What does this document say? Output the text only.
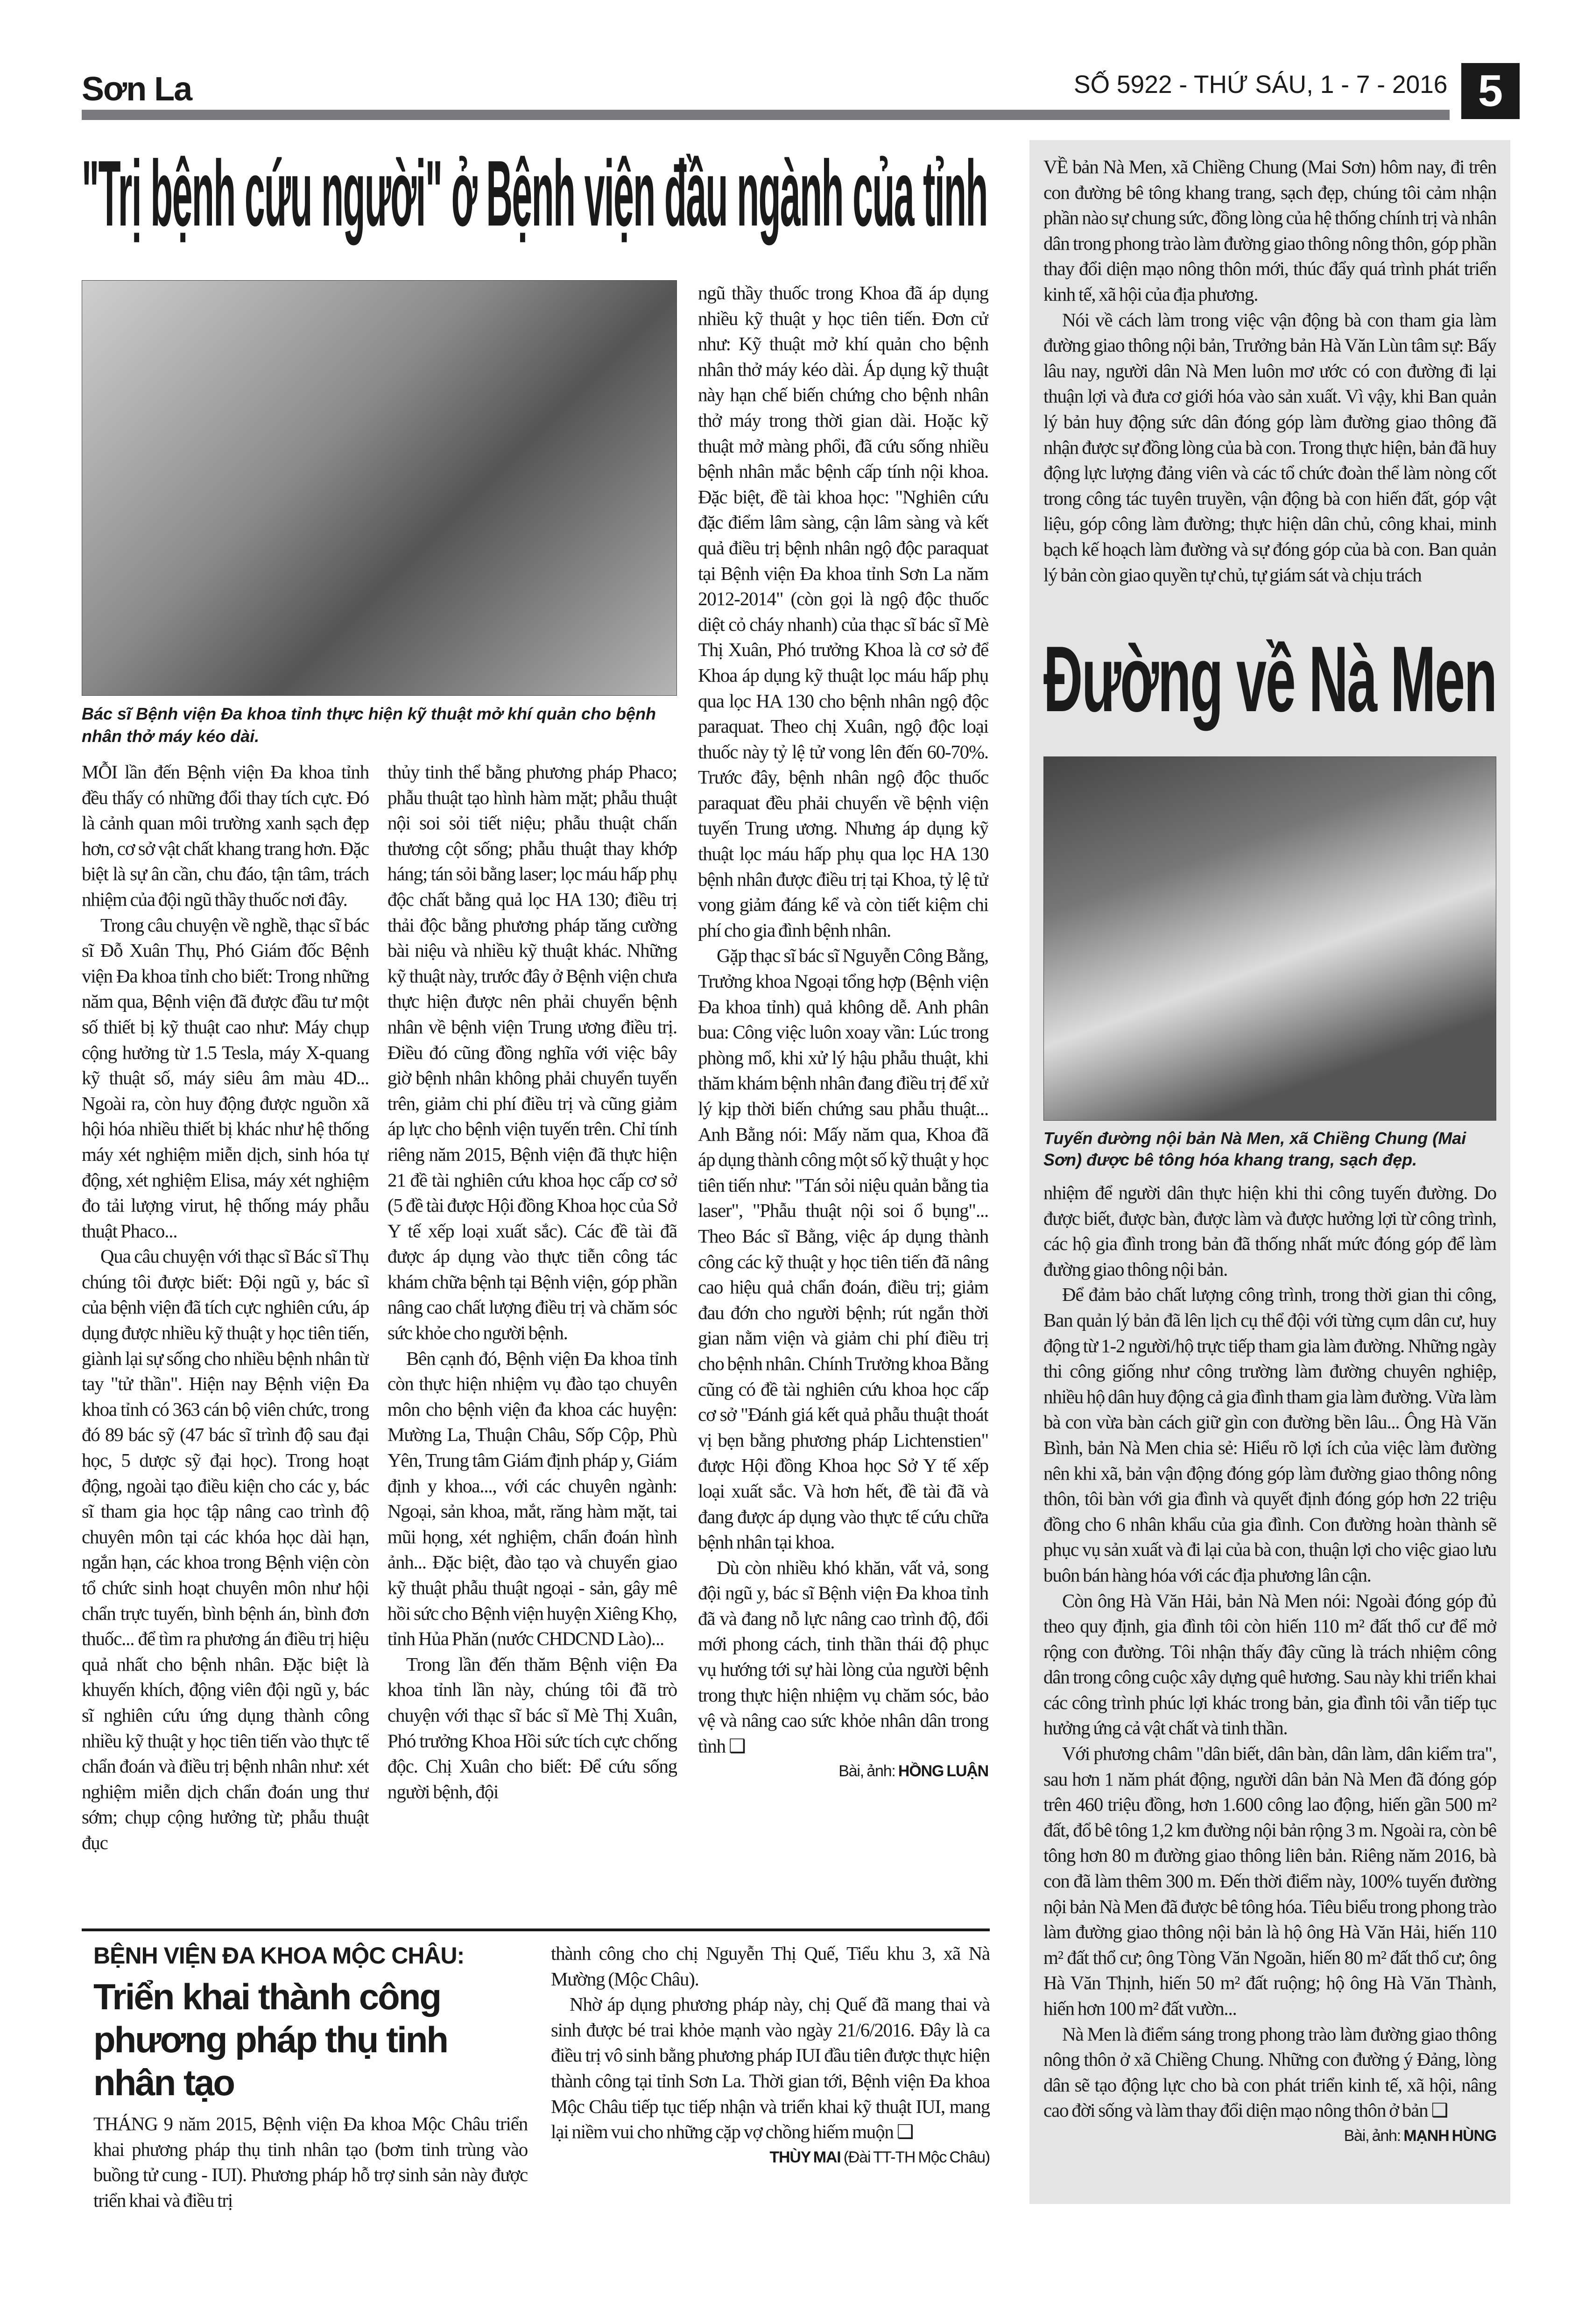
Sơn La	SỐ 5922 - THỨ SÁU, 1 - 7 - 2016 5
"Trị bệnh cứu người" ở Bệnh viện đầu ngành của tỉnh
Bác sĩ Bệnh viện Đa khoa tỉnh thực hiện kỹ thuật mở khí quản cho bệnh nhân thở máy kéo dài.

MỖI lần đến Bệnh viện Đa khoa tỉnh đều thấy có những đổi thay tích cực. Đó là cảnh quan môi trường xanh sạch đẹp hơn, cơ sở vật chất khang trang hơn. Đặc biệt là sự ân cần, chu đáo, tận tâm, trách nhiệm của đội ngũ thầy thuốc nơi đây.

Trong câu chuyện về nghề, thạc sĩ bác sĩ Đỗ Xuân Thụ, Phó Giám đốc Bệnh viện Đa khoa tỉnh cho biết: Trong những năm qua, Bệnh viện đã được đầu tư một số thiết bị kỹ thuật cao như: Máy chụp cộng hưởng từ 1.5 Tesla, máy X-quang kỹ thuật số, máy siêu âm màu 4D... Ngoài ra, còn huy động được nguồn xã hội hóa nhiều thiết bị khác như hệ thống máy xét nghiệm miễn dịch, sinh hóa tự động, xét nghiệm Elisa, máy xét nghiệm đo tải lượng virut, hệ thống máy phẫu thuật Phaco...

Qua câu chuyện với thạc sĩ Bác sĩ Thụ chúng tôi được biết: Đội ngũ y, bác sĩ của bệnh viện đã tích cực nghiên cứu, áp dụng được nhiều kỹ thuật y học tiên tiến, giành lại sự sống cho nhiều bệnh nhân từ tay "tử thần". Hiện nay Bệnh viện Đa khoa tỉnh có 363 cán bộ viên chức, trong đó 89 bác sỹ (47 bác sĩ trình độ sau đại học, 5 dược sỹ đại học). Trong hoạt động, ngoài tạo điều kiện cho các y, bác sĩ tham gia học tập nâng cao trình độ chuyên môn tại các khóa học dài hạn, ngắn hạn, các khoa trong Bệnh viện còn tổ chức sinh hoạt chuyên môn như hội chẩn trực tuyến, bình bệnh án, bình đơn thuốc... để tìm ra phương án điều trị hiệu quả nhất cho bệnh nhân. Đặc biệt là khuyến khích, động viên đội ngũ y, bác sĩ nghiên cứu ứng dụng thành công nhiều kỹ thuật y học tiên tiến vào thực tế chẩn đoán và điều trị bệnh nhân như: xét nghiệm miễn dịch chẩn đoán ung thư sớm; chụp cộng hưởng từ; phẫu thuật đục

thủy tinh thể bằng phương pháp Phaco; phẫu thuật tạo hình hàm mặt; phẫu thuật nội soi sỏi tiết niệu; phẫu thuật chấn thương cột sống; phẫu thuật thay khớp háng; tán sỏi bằng laser; lọc máu hấp phụ độc chất bằng quả lọc HA 130; điều trị thải độc bằng phương pháp tăng cường bài niệu và nhiều kỹ thuật khác. Những kỹ thuật này, trước đây ở Bệnh viện chưa thực hiện được nên phải chuyển bệnh nhân về bệnh viện Trung ương điều trị. Điều đó cũng đồng nghĩa với việc bây giờ bệnh nhân không phải chuyển tuyến trên, giảm chi phí điều trị và cũng giảm áp lực cho bệnh viện tuyến trên. Chỉ tính riêng năm 2015, Bệnh viện đã thực hiện 21 đề tài nghiên cứu khoa học cấp cơ sở (5 đề tài được Hội đồng Khoa học của Sở Y tế xếp loại xuất sắc). Các đề tài đã được áp dụng vào thực tiễn công tác khám chữa bệnh tại Bệnh viện, góp phần nâng cao chất lượng điều trị và chăm sóc sức khỏe cho người bệnh.

Bên cạnh đó, Bệnh viện Đa khoa tỉnh còn thực hiện nhiệm vụ đào tạo chuyên môn cho bệnh viện đa khoa các huyện: Mường La, Thuận Châu, Sốp Cộp, Phù Yên, Trung tâm Giám định pháp y, Giám định y khoa..., với các chuyên ngành: Ngoại, sản khoa, mắt, răng hàm mặt, tai mũi họng, xét nghiệm, chẩn đoán hình ảnh... Đặc biệt, đào tạo và chuyển giao kỹ thuật phẫu thuật ngoại - sản, gây mê hồi sức cho Bệnh viện huyện Xiêng Khọ, tỉnh Hủa Phăn (nước CHDCND Lào)...

Trong lần đến thăm Bệnh viện Đa khoa tỉnh lần này, chúng tôi đã trò chuyện với thạc sĩ bác sĩ Mè Thị Xuân, Phó trưởng Khoa Hồi sức tích cực chống độc. Chị Xuân cho biết: Để cứu sống người bệnh, đội

ngũ thầy thuốc trong Khoa đã áp dụng nhiều kỹ thuật y học tiên tiến. Đơn cử như: Kỹ thuật mở khí quản cho bệnh nhân thở máy kéo dài. Áp dụng kỹ thuật này hạn chế biến chứng cho bệnh nhân thở máy trong thời gian dài. Hoặc kỹ thuật mở màng phổi, đã cứu sống nhiều bệnh nhân mắc bệnh cấp tính nội khoa. Đặc biệt, đề tài khoa học: "Nghiên cứu đặc điểm lâm sàng, cận lâm sàng và kết quả điều trị bệnh nhân ngộ độc paraquat tại Bệnh viện Đa khoa tỉnh Sơn La năm 2012-2014" (còn gọi là ngộ độc thuốc diệt cỏ cháy nhanh) của thạc sĩ bác sĩ Mè Thị Xuân, Phó trưởng Khoa là cơ sở để Khoa áp dụng kỹ thuật lọc máu hấp phụ qua lọc HA 130 cho bệnh nhân ngộ độc paraquat. Theo chị Xuân, ngộ độc loại thuốc này tỷ lệ tử vong lên đến 60-70%. Trước đây, bệnh nhân ngộ độc thuốc paraquat đều phải chuyển về bệnh viện tuyến Trung ương. Nhưng áp dụng kỹ thuật lọc máu hấp phụ qua lọc HA 130 bệnh nhân được điều trị tại Khoa, tỷ lệ tử vong giảm đáng kể và còn tiết kiệm chi phí cho gia đình bệnh nhân.

Gặp thạc sĩ bác sĩ Nguyễn Công Bằng, Trưởng khoa Ngoại tổng hợp (Bệnh viện Đa khoa tỉnh) quả không dễ. Anh phân bua: Công việc luôn xoay vần: Lúc trong phòng mổ, khi xử lý hậu phẫu thuật, khi thăm khám bệnh nhân đang điều trị để xử lý kịp thời biến chứng sau phẫu thuật... Anh Bằng nói: Mấy năm qua, Khoa đã áp dụng thành công một số kỹ thuật y học tiên tiến như: "Tán sỏi niệu quản bằng tia laser", "Phẫu thuật nội soi ổ bụng"... Theo Bác sĩ Bằng, việc áp dụng thành công các kỹ thuật y học tiên tiến đã nâng cao hiệu quả chẩn đoán, điều trị; giảm đau đớn cho người bệnh; rút ngắn thời gian nằm viện và giảm chi phí điều trị cho bệnh nhân. Chính Trưởng khoa Bằng cũng có đề tài nghiên cứu khoa học cấp cơ sở "Đánh giá kết quả phẫu thuật thoát vị bẹn bằng phương pháp Lichtenstien" được Hội đồng Khoa học Sở Y tế xếp loại xuất sắc. Và hơn hết, đề tài đã và đang được áp dụng vào thực tế cứu chữa bệnh nhân tại khoa.

Dù còn nhiều khó khăn, vất vả, song đội ngũ y, bác sĩ Bệnh viện Đa khoa tỉnh đã và đang nỗ lực nâng cao trình độ, đổi mới phong cách, tinh thần thái độ phục vụ hướng tới sự hài lòng của người bệnh trong thực hiện nhiệm vụ chăm sóc, bảo vệ và nâng cao sức khỏe nhân dân trong tình ❑

Bài, ảnh: HỒNG LUẬN

VỀ bản Nà Men, xã Chiềng Chung (Mai Sơn) hôm nay, đi trên con đường bê tông khang trang, sạch đẹp, chúng tôi cảm nhận phần nào sự chung sức, đồng lòng của hệ thống chính trị và nhân dân trong phong trào làm đường giao thông nông thôn, góp phần thay đổi diện mạo nông thôn mới, thúc đẩy quá trình phát triển kinh tế, xã hội của địa phương.

Nói về cách làm trong việc vận động bà con tham gia làm đường giao thông nội bản, Trưởng bản Hà Văn Lùn tâm sự: Bấy lâu nay, người dân Nà Men luôn mơ ước có con đường đi lại thuận lợi và đưa cơ giới hóa vào sản xuất. Vì vậy, khi Ban quản lý bản huy động sức dân đóng góp làm đường giao thông đã nhận được sự đồng lòng của bà con. Trong thực hiện, bản đã huy động lực lượng đảng viên và các tổ chức đoàn thể làm nòng cốt trong công tác tuyên truyền, vận động bà con hiến đất, góp vật liệu, góp công làm đường; thực hiện dân chủ, công khai, minh bạch kế hoạch làm đường và sự đóng góp của bà con. Ban quản lý bản còn giao quyền tự chủ, tự giám sát và chịu trách

Đường về Nà Men
Tuyến đường nội bản Nà Men, xã Chiềng Chung (Mai Sơn) được bê tông hóa khang trang, sạch đẹp.

nhiệm để người dân thực hiện khi thi công tuyến đường. Do được biết, được bàn, được làm và được hưởng lợi từ công trình, các hộ gia đình trong bản đã thống nhất mức đóng góp để làm đường giao thông nội bản.

Để đảm bảo chất lượng công trình, trong thời gian thi công, Ban quản lý bản đã lên lịch cụ thể đội với từng cụm dân cư, huy động từ 1-2 người/hộ trực tiếp tham gia làm đường. Những ngày thi công giống như công trường làm đường chuyên nghiệp, nhiều hộ dân huy động cả gia đình tham gia làm đường. Vừa làm bà con vừa bàn cách giữ gìn con đường bền lâu... Ông Hà Văn Bình, bản Nà Men chia sẻ: Hiểu rõ lợi ích của việc làm đường nên khi xã, bản vận động đóng góp làm đường giao thông nông thôn, tôi bàn với gia đình và quyết định đóng góp hơn 22 triệu đồng cho 6 nhân khẩu của gia đình. Con đường hoàn thành sẽ phục vụ sản xuất và đi lại của bà con, thuận lợi cho việc giao lưu buôn bán hàng hóa với các địa phương lân cận.

Còn ông Hà Văn Hải, bản Nà Men nói: Ngoài đóng góp đủ theo quy định, gia đình tôi còn hiến 110 m² đất thổ cư để mở rộng con đường. Tôi nhận thấy đây cũng là trách nhiệm công dân trong công cuộc xây dựng quê hương. Sau này khi triển khai các công trình phúc lợi khác trong bản, gia đình tôi vẫn tiếp tục hưởng ứng cả vật chất và tinh thần.

Với phương châm "dân biết, dân bàn, dân làm, dân kiểm tra", sau hơn 1 năm phát động, người dân bản Nà Men đã đóng góp trên 460 triệu đồng, hơn 1.600 công lao động, hiến gần 500 m² đất, đổ bê tông 1,2 km đường nội bản rộng 3 m. Ngoài ra, còn bê tông hơn 80 m đường giao thông liên bản. Riêng năm 2016, bà con đã làm thêm 300 m. Đến thời điểm này, 100% tuyến đường nội bản Nà Men đã được bê tông hóa. Tiêu biểu trong phong trào làm đường giao thông nội bản là hộ ông Hà Văn Hải, hiến 110 m² đất thổ cư; ông Tòng Văn Ngoãn, hiến 80 m² đất thổ cư; ông Hà Văn Thịnh, hiến 50 m² đất ruộng; hộ ông Hà Văn Thành, hiến hơn 100 m² đất vườn...

Nà Men là điểm sáng trong phong trào làm đường giao thông nông thôn ở xã Chiềng Chung. Những con đường ý Đảng, lòng dân sẽ tạo động lực cho bà con phát triển kinh tế, xã hội, nâng cao đời sống và làm thay đổi diện mạo nông thôn ở bản ❑

Bài, ảnh: MẠNH HÙNG
BỆNH VIỆN ĐA KHOA MỘC CHÂU:
Triển khai thành công phương pháp thụ tinh nhân tạo

THÁNG 9 năm 2015, Bệnh viện Đa khoa Mộc Châu triển khai phương pháp thụ tinh nhân tạo (bơm tinh trùng vào buồng tử cung - IUI). Phương pháp hỗ trợ sinh sản này được triển khai và điều trị

thành công cho chị Nguyễn Thị Quế, Tiểu khu 3, xã Nà Mường (Mộc Châu).

Nhờ áp dụng phương pháp này, chị Quế đã mang thai và sinh được bé trai khỏe mạnh vào ngày 21/6/2016. Đây là ca điều trị vô sinh bằng phương pháp IUI đầu tiên được thực hiện thành công tại tỉnh Sơn La. Thời gian tới, Bệnh viện Đa khoa Mộc Châu tiếp tục tiếp nhận và triển khai kỹ thuật IUI, mang lại niềm vui cho những cặp vợ chồng hiếm muộn ❑

THÙY MAI (Đài TT-TH Mộc Châu)
